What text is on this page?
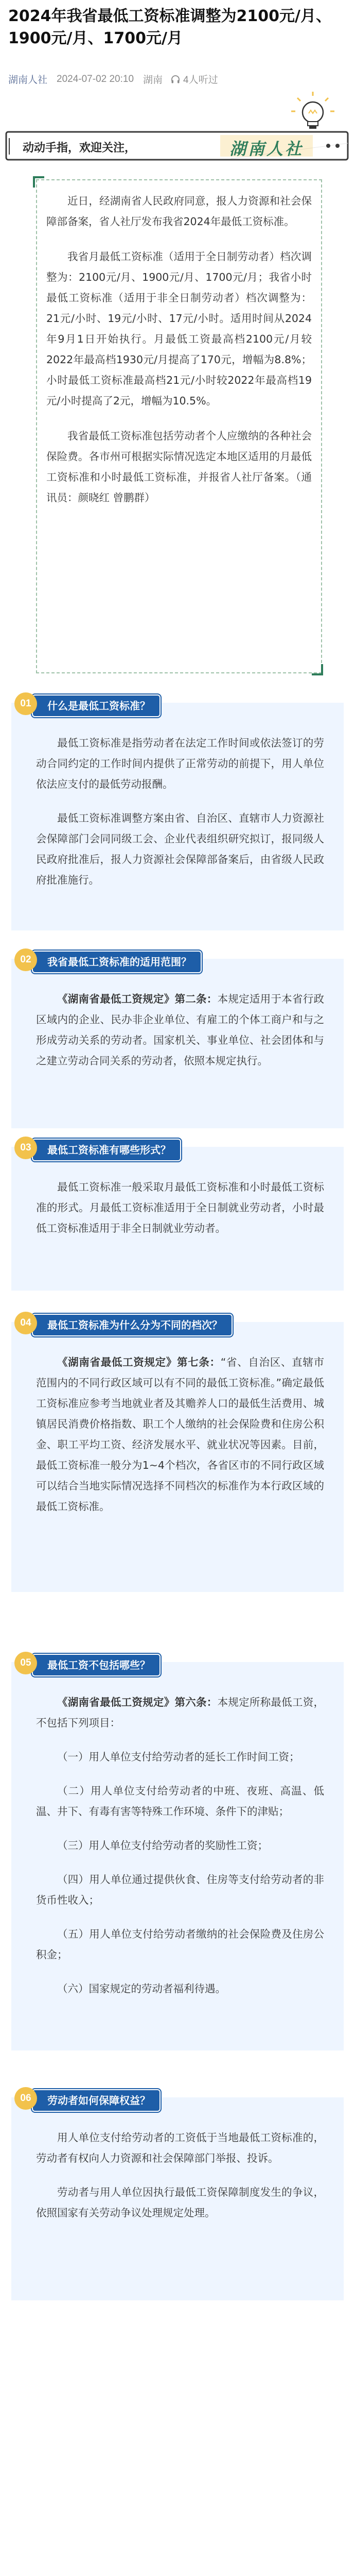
2024年我省最低工资标准调整为2100元/月、1900元/月、1700元/月
湖南人社 2024-07-02 20:10 湖南 4人听过
动动手指，欢迎关注，	湖南人社

近日，经湖南省人民政府同意，报人力资源和社会保障部备案，省人社厅发布我省2024年最低工资标准。

我省月最低工资标准（适用于全日制劳动者）档次调整为：2100元/月、1900元/月、1700元/月；我省小时最低工资标准（适用于非全日制劳动者）档次调整为：21元/小时、19元/小时、17元/小时。适用时间从2024年9月1日开始执行。月最低工资最高档2100元/月较2022年最高档1930元/月提高了170元，增幅为8.8%；小时最低工资标准最高档21元/小时较2022年最高档19元/小时提高了2元，增幅为10.5%。

我省最低工资标准包括劳动者个人应缴纳的各种社会保险费。各市州可根据实际情况选定本地区适用的月最低工资标准和小时最低工资标准，并报省人社厅备案。（通讯员：颜晓红 曾鹏群）

什么是最低工资标准？
01

最低工资标准是指劳动者在法定工作时间或依法签订的劳动合同约定的工作时间内提供了正常劳动的前提下，用人单位依法应支付的最低劳动报酬。

最低工资标准调整方案由省、自治区、直辖市人力资源社会保障部门会同同级工会、企业代表组织研究拟订，报同级人民政府批准后，报人力资源社会保障部备案后，由省级人民政府批准施行。

我省最低工资标准的适用范围？
02

《湖南省最低工资规定》第二条：本规定适用于本省行政区域内的企业、民办非企业单位、有雇工的个体工商户和与之形成劳动关系的劳动者。国家机关、事业单位、社会团体和与之建立劳动合同关系的劳动者，依照本规定执行。

最低工资标准有哪些形式？
03

最低工资标准一般采取月最低工资标准和小时最低工资标准的形式。月最低工资标准适用于全日制就业劳动者，小时最低工资标准适用于非全日制就业劳动者。

最低工资标准为什么分为不同的档次？
04

《湖南省最低工资规定》第七条：“省、自治区、直辖市范围内的不同行政区域可以有不同的最低工资标准。”确定最低工资标准应参考当地就业者及其赡养人口的最低生活费用、城镇居民消费价格指数、职工个人缴纳的社会保险费和住房公积金、职工平均工资、经济发展水平、就业状况等因素。目前，最低工资标准一般分为1~4个档次，各省区市的不同行政区域可以结合当地实际情况选择不同档次的标准作为本行政区域的最低工资标准。

最低工资不包括哪些？
05

《湖南省最低工资规定》第六条：本规定所称最低工资，不包括下列项目：

（一）用人单位支付给劳动者的延长工作时间工资；

（二）用人单位支付给劳动者的中班、夜班、高温、低温、井下、有毒有害等特殊工作环境、条件下的津贴；

（三）用人单位支付给劳动者的奖励性工资；

（四）用人单位通过提供伙食、住房等支付给劳动者的非货币性收入；

（五）用人单位支付给劳动者缴纳的社会保险费及住房公积金；

（六）国家规定的劳动者福利待遇。

劳动者如何保障权益？
06

用人单位支付给劳动者的工资低于当地最低工资标准的，劳动者有权向人力资源和社会保障部门举报、投诉。

劳动者与用人单位因执行最低工资保障制度发生的争议，依照国家有关劳动争议处理规定处理。
